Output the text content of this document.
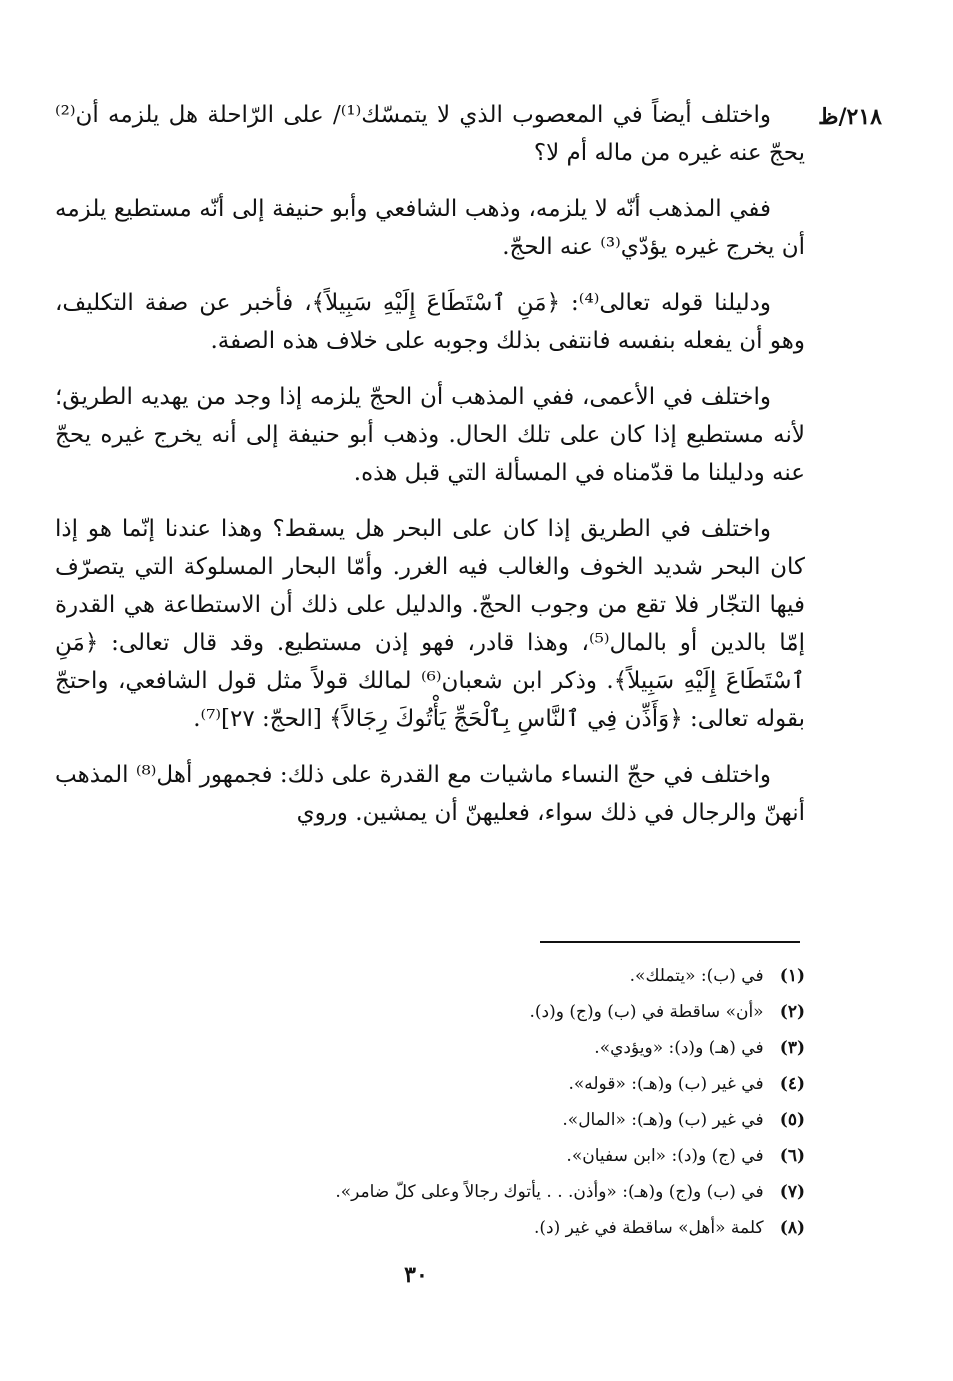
٢١٨/ظ

واختلف أيضاً في المعصوب الذي لا يتمسّك⁽¹⁾/ على الرّاحلة هل يلزمه أن⁽²⁾ يحجّ عنه غيره من ماله أم لا؟

ففي المذهب أنّه لا يلزمه، وذهب الشافعي وأبو حنيفة إلى أنّه مستطيع يلزمه أن يخرج غيره يؤدّي⁽³⁾ عنه الحجّ.

ودليلنا قوله تعالى⁽⁴⁾: ﴿مَنِ ٱسْتَطَاعَ إِلَيْهِ سَبِيلاً﴾، فأخبر عن صفة التكليف، وهو أن يفعله بنفسه فانتفى بذلك وجوبه على خلاف هذه الصفة.

واختلف في الأعمى، ففي المذهب أن الحجّ يلزمه إذا وجد من يهديه الطريق؛ لأنه مستطيع إذا كان على تلك الحال. وذهب أبو حنيفة إلى أنه يخرج غيره يحجّ عنه ودليلنا ما قدّمناه في المسألة التي قبل هذه.

واختلف في الطريق إذا كان على البحر هل يسقط؟ وهذا عندنا إنّما هو إذا كان البحر شديد الخوف والغالب فيه الغرر. وأمّا البحار المسلوكة التي يتصرّف فيها التجّار فلا تقع من وجوب الحجّ. والدليل على ذلك أن الاستطاعة هي القدرة إمّا بالدين أو بالمال⁽⁵⁾، وهذا قادر، فهو إذن مستطيع. وقد قال تعالى: ﴿مَنِ ٱسْتَطَاعَ إِلَيْهِ سَبِيلاً﴾. وذكر ابن شعبان⁽⁶⁾ لمالك قولاً مثل قول الشافعي، واحتجّ بقوله تعالى: ﴿وَأَذِّن فِي ٱلنَّاسِ بِٱلْحَجِّ يَأْتُوكَ رِجَالاً﴾ [الحجّ: ٢٧]⁽⁷⁾.

واختلف في حجّ النساء ماشيات مع القدرة على ذلك: فجمهور أهل⁽⁸⁾ المذهب أنهنّ والرجال في ذلك سواء، فعليهنّ أن يمشين. وروي

(١) في (ب): «يتملك».
(٢) «أن» ساقطة في (ب) و(ج) و(د).
(٣) في (هـ) و(د): «ويؤدي».
(٤) في غير (ب) و(هـ): «قوله».
(٥) في غير (ب) و(هـ): «المال».
(٦) في (ج) و(د): «ابن سفيان».
(٧) في (ب) و(ج) و(هـ): «وأذن. . . يأتوك رجالاً وعلى كلّ ضامر».
(٨) كلمة «أهل» ساقطة في غير (د).
٣٠
